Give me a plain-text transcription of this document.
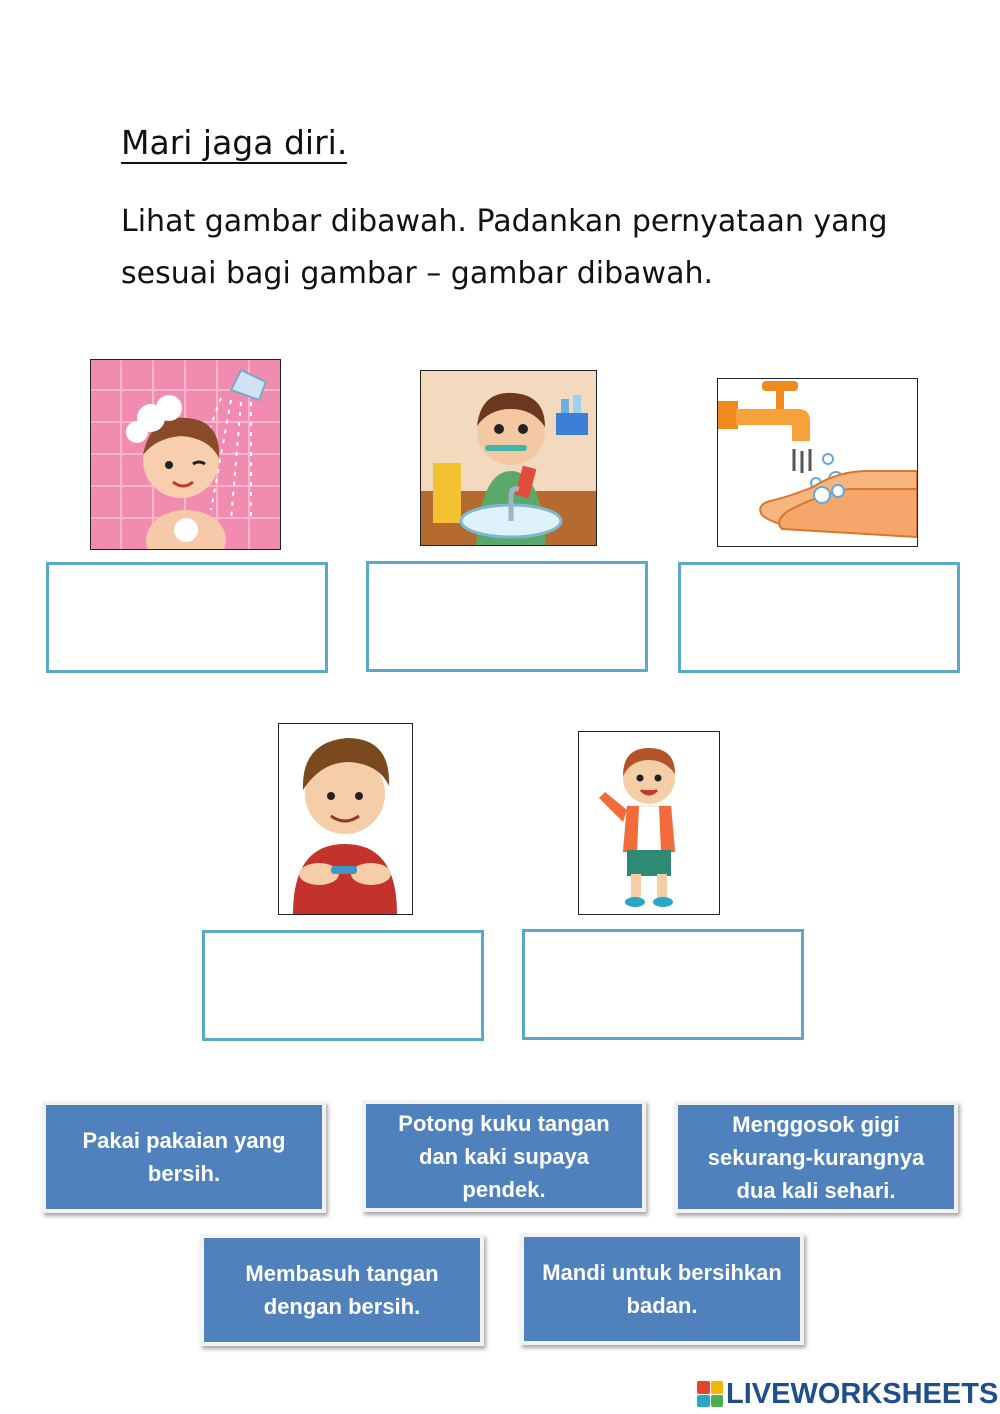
Mari jaga diri.
Lihat gambar dibawah. Padankan pernyataan yang sesuai bagi gambar – gambar dibawah.
Pakai pakaian yang bersih.
Potong kuku tangan dan kaki supaya pendek.
Menggosok gigi sekurang-kurangnya dua kali sehari.
Membasuh tangan dengan bersih.
Mandi untuk bersihkan badan.
LIVEWORKSHEETS
